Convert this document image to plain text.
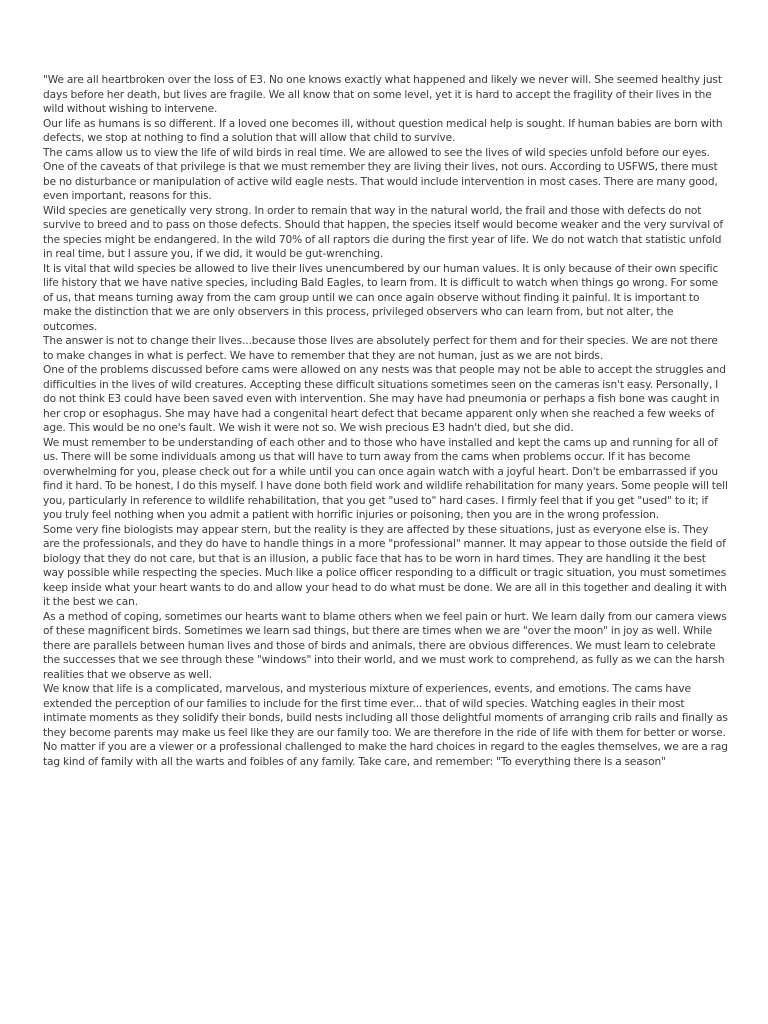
"We are all heartbroken over the loss of E3. No one knows exactly what happened and likely we never will. She seemed healthy just days before her death, but lives are fragile. We all know that on some level, yet it is hard to accept the fragility of their lives in the wild without wishing to intervene.

Our life as humans is so different. If a loved one becomes ill, without question medical help is sought. If human babies are born with defects, we stop at nothing to find a solution that will allow that child to survive.

The cams allow us to view the life of wild birds in real time. We are allowed to see the lives of wild species unfold before our eyes. One of the caveats of that privilege is that we must remember they are living their lives, not ours. According to USFWS, there must be no disturbance or manipulation of active wild eagle nests. That would include intervention in most cases. There are many good, even important, reasons for this.

Wild species are genetically very strong. In order to remain that way in the natural world, the frail and those with defects do not survive to breed and to pass on those defects. Should that happen, the species itself would become weaker and the very survival of the species might be endangered. In the wild 70% of all raptors die during the first year of life. We do not watch that statistic unfold in real time, but I assure you, if we did, it would be gut-wrenching.

It is vital that wild species be allowed to live their lives unencumbered by our human values. It is only because of their own specific life history that we have native species, including Bald Eagles, to learn from. It is difficult to watch when things go wrong. For some of us, that means turning away from the cam group until we can once again observe without finding it painful. It is important to make the distinction that we are only observers in this process, privileged observers who can learn from, but not alter, the outcomes.

The answer is not to change their lives...because those lives are absolutely perfect for them and for their species. We are not there to make changes in what is perfect. We have to remember that they are not human, just as we are not birds.

One of the problems discussed before cams were allowed on any nests was that people may not be able to accept the struggles and difficulties in the lives of wild creatures. Accepting these difficult situations sometimes seen on the cameras isn't easy. Personally, I do not think E3 could have been saved even with intervention. She may have had pneumonia or perhaps a fish bone was caught in her crop or esophagus. She may have had a congenital heart defect that became apparent only when she reached a few weeks of age. This would be no one's fault. We wish it were not so. We wish precious E3 hadn't died, but she did.

We must remember to be understanding of each other and to those who have installed and kept the cams up and running for all of us. There will be some individuals among us that will have to turn away from the cams when problems occur. If it has become overwhelming for you, please check out for a while until you can once again watch with a joyful heart. Don't be embarrassed if you find it hard. To be honest, I do this myself. I have done both field work and wildlife rehabilitation for many years. Some people will tell you, particularly in reference to wildlife rehabilitation, that you get "used to" hard cases. I firmly feel that if you get "used" to it; if you truly feel nothing when you admit a patient with horrific injuries or poisoning, then you are in the wrong profession.

Some very fine biologists may appear stern, but the reality is they are affected by these situations, just as everyone else is. They are the professionals, and they do have to handle things in a more "professional" manner. It may appear to those outside the field of biology that they do not care, but that is an illusion, a public face that has to be worn in hard times. They are handling it the best way possible while respecting the species. Much like a police officer responding to a difficult or tragic situation, you must sometimes keep inside what your heart wants to do and allow your head to do what must be done. We are all in this together and dealing it with it the best we can.

As a method of coping, sometimes our hearts want to blame others when we feel pain or hurt. We learn daily from our camera views of these magnificent birds. Sometimes we learn sad things, but there are times when we are "over the moon" in joy as well. While there are parallels between human lives and those of birds and animals, there are obvious differences. We must learn to celebrate the successes that we see through these "windows" into their world, and we must work to comprehend, as fully as we can the harsh realities that we observe as well.

We know that life is a complicated, marvelous, and mysterious mixture of experiences, events, and emotions. The cams have extended the perception of our families to include for the first time ever... that of wild species. Watching eagles in their most intimate moments as they solidify their bonds, build nests including all those delightful moments of arranging crib rails and finally as they become parents may make us feel like they are our family too. We are therefore in the ride of life with them for better or worse. No matter if you are a viewer or a professional challenged to make the hard choices in regard to the eagles themselves, we are a rag tag kind of family with all the warts and foibles of any family. Take care, and remember: "To everything there is a season"
